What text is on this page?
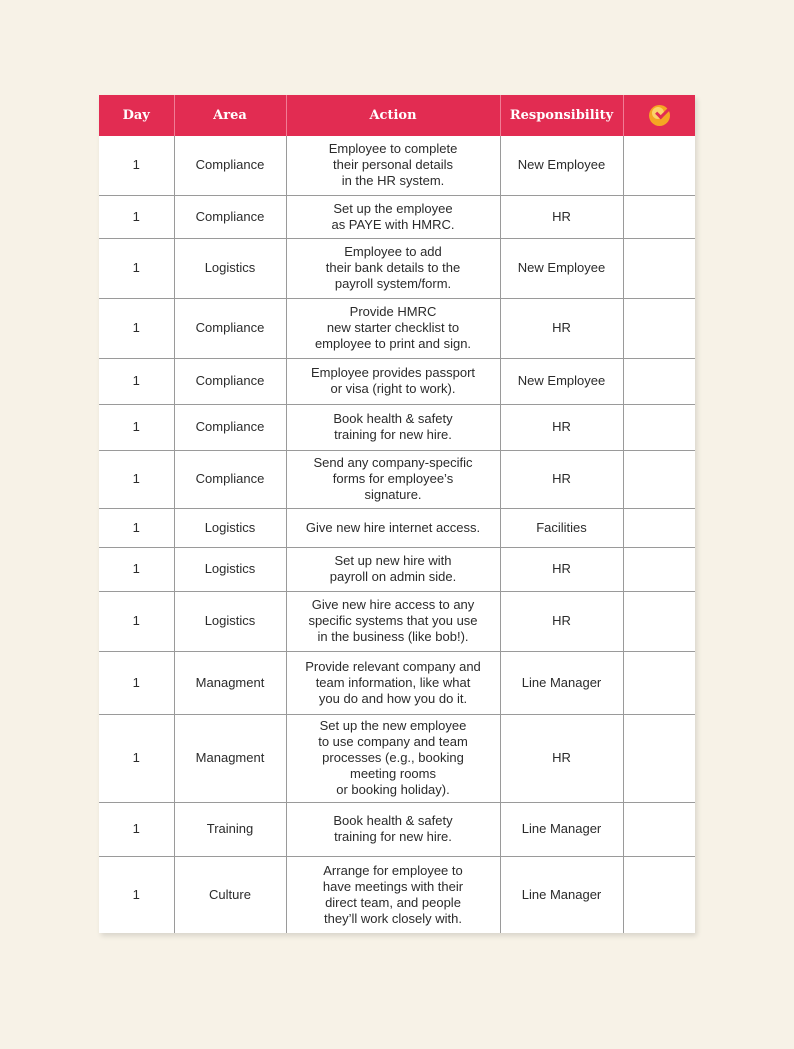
Day	Area	Action	Responsibility	
1	Compliance	Employee to complete
their personal details
in the HR system.	New Employee	
1	Compliance	Set up the employee
as PAYE with HMRC.	HR	
1	Logistics	Employee to add
their bank details to the
payroll system/form.	New Employee	
1	Compliance	Provide HMRC
new starter checklist to
employee to print and sign.	HR	
1	Compliance	Employee provides passport
or visa (right to work).	New Employee	
1	Compliance	Book health & safety
training for new hire.	HR	
1	Compliance	Send any company-specific
forms for employee’s
signature.	HR	
1	Logistics	Give new hire internet access.	Facilities	
1	Logistics	Set up new hire with
payroll on admin side.	HR	
1	Logistics	Give new hire access to any
specific systems that you use
in the business (like bob!).	HR	
1	Managment	Provide relevant company and
team information, like what
you do and how you do it.	Line Manager	
1	Managment	Set up the new employee
to use company and team
processes (e.g., booking
meeting rooms
or booking holiday).	HR	
1	Training	Book health & safety
training for new hire.	Line Manager	
1	Culture	Arrange for employee to
have meetings with their
direct team, and people
they’ll work closely with.	Line Manager	
